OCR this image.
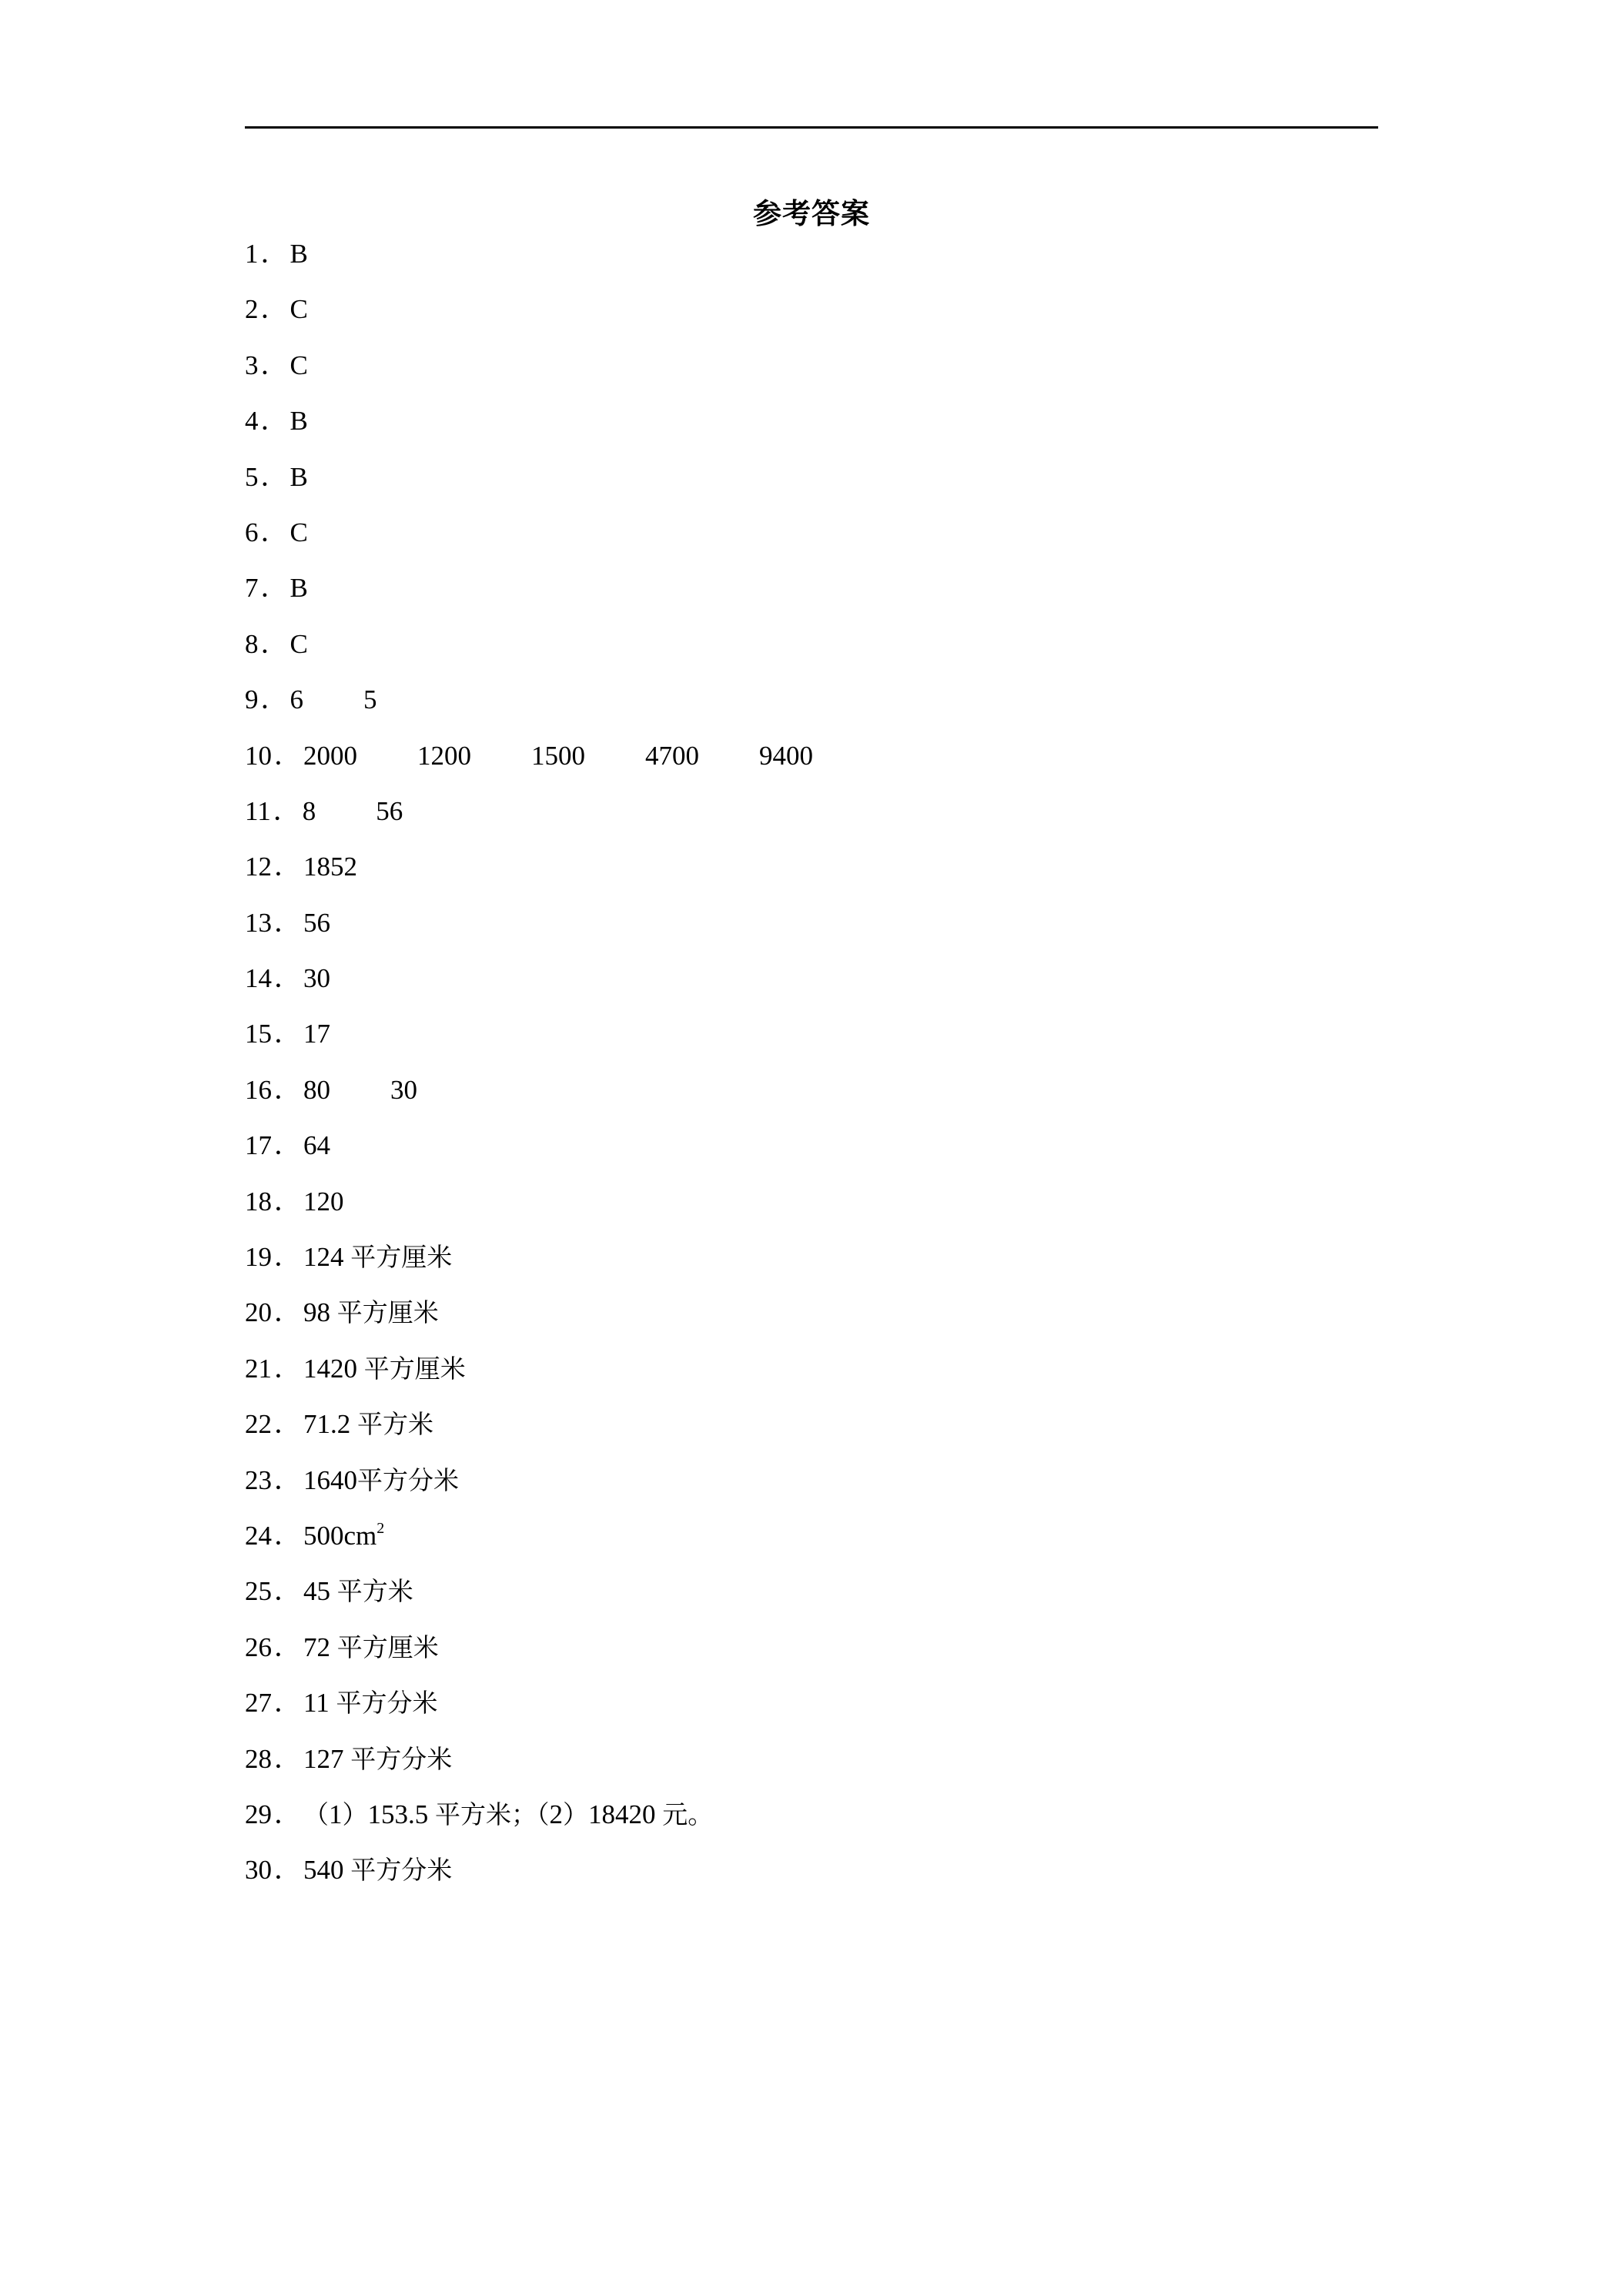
参考答案
1 ． B
2 ． C
3 ． C
4 ． B
5 ． B
6 ． C
7 ． B
8 ． C
9 ． 6 5
10 ． 2000 1200 1500 4700 9400
11 ． 8 56
12 ． 1852
13 ． 56
14 ． 30
15 ． 17
16 ． 80 30
17 ． 64
18 ． 120
19 ． 124 平方厘米
20 ． 98 平方厘米
21 ． 1420 平方厘米
22 ． 71.2 平方米
23 ． 1640平方分米
24 ． $500cm^2$
25 ． 45 平方米
26 ． 72 平方厘米
27 ． 11 平方分米
28 ． 127 平方分米
29 ． （1）153.5 平方米；（2）18420 元。
30 ． 540 平方分米
